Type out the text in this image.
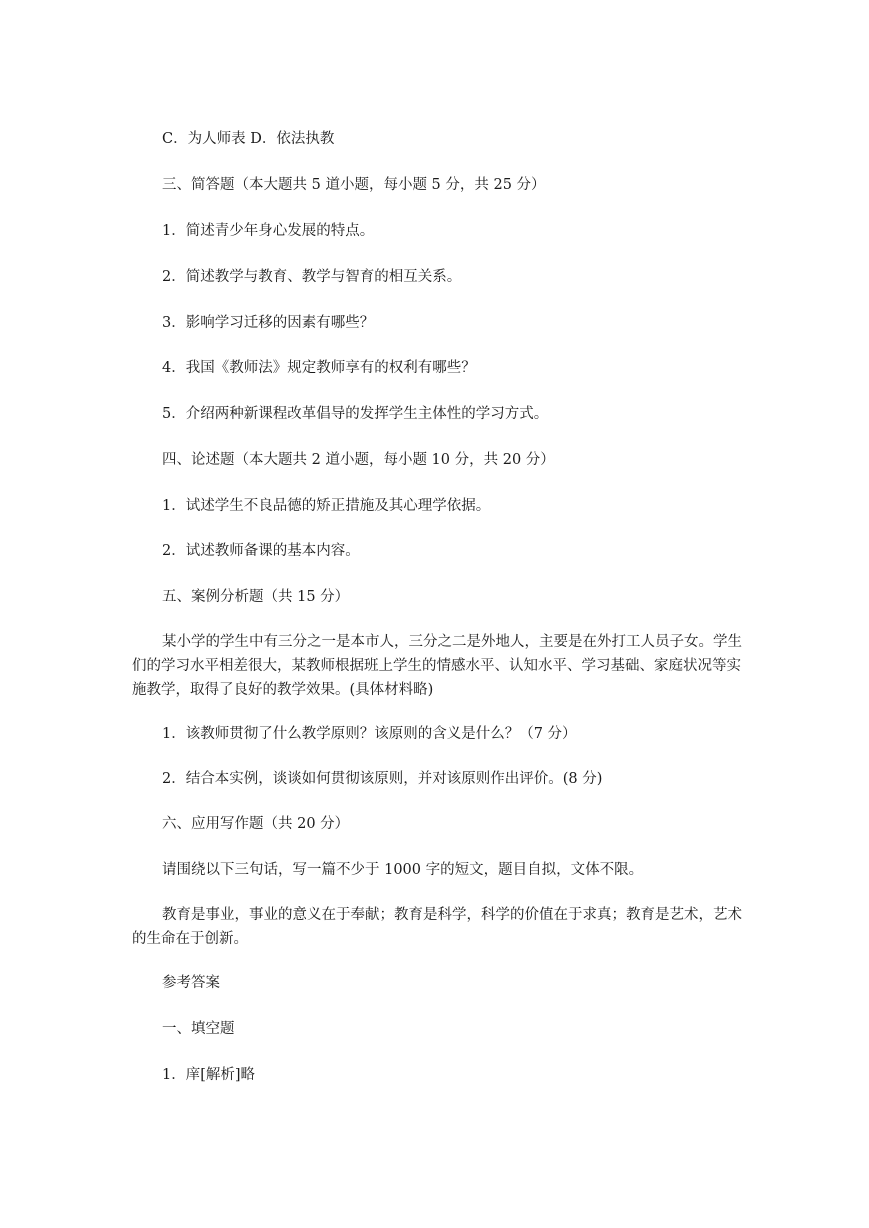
C．为人师表 D．依法执教

三、简答题（本大题共 5 道小题，每小题 5 分，共 25 分）

1．简述青少年身心发展的特点。

2．简述教学与教育、教学与智育的相互关系。

3．影响学习迁移的因素有哪些？

4．我国《教师法》规定教师享有的权利有哪些？

5．介绍两种新课程改革倡导的发挥学生主体性的学习方式。

四、论述题（本大题共 2 道小题，每小题 10 分，共 20 分）

1．试述学生不良品德的矫正措施及其心理学依据。

2．试述教师备课的基本内容。

五、案例分析题（共 15 分）

某小学的学生中有三分之一是本市人，三分之二是外地人，主要是在外打工人员子女。学生们的学习水平相差很大，某教师根据班上学生的情感水平、认知水平、学习基础、家庭状况等实施教学，取得了良好的教学效果。(具体材料略)

1．该教师贯彻了什么教学原则？该原则的含义是什么？（7 分）

2．结合本实例，谈谈如何贯彻该原则，并对该原则作出评价。(8 分)

六、应用写作题（共 20 分）

请围绕以下三句话，写一篇不少于 1000 字的短文，题目自拟，文体不限。

教育是事业，事业的意义在于奉献；教育是科学，科学的价值在于求真；教育是艺术，艺术的生命在于创新。

参考答案

一、填空题

1．庠[解析]略
